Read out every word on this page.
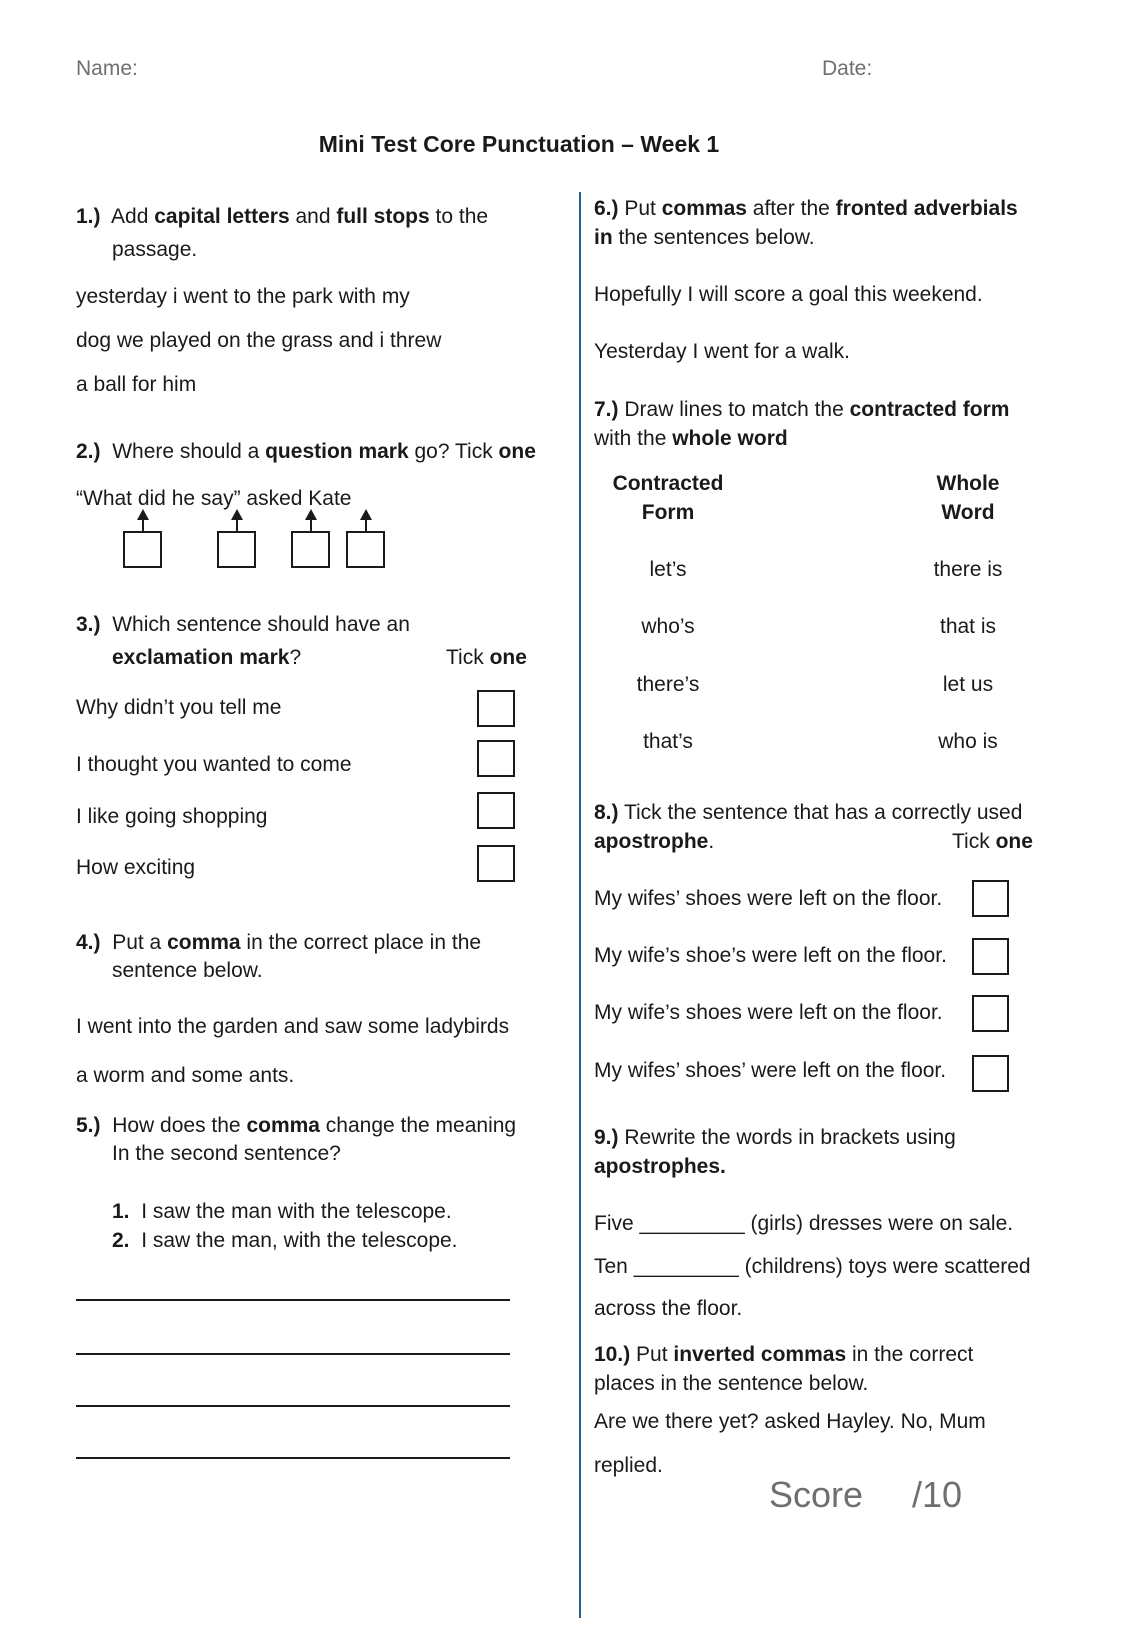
Name:	Date:
Mini Test Core Punctuation – Week 1
1.) Add capital letters and full stops to the
passage.
yesterday i went to the park with my
dog we played on the grass and i threw
a ball for him
2.) Where should a question mark go? Tick one
“What did he say” asked Kate
3.) Which sentence should have an
exclamation mark?	Tick one
Why didn’t you tell me
I thought you wanted to come
I like going shopping
How exciting
4.) Put a comma in the correct place in the
sentence below.
I went into the garden and saw some ladybirds
a worm and some ants.
5.) How does the comma change the meaning
In the second sentence?
1. I saw the man with the telescope.
2. I saw the man, with the telescope.
6.) Put commas after the fronted adverbials
in the sentences below.
Hopefully I will score a goal this weekend.
Yesterday I went for a walk.
7.) Draw lines to match the contracted form
with the whole word
Contracted
Form
Whole
Word
let’s	there is
who’s	that is
there’s	let us
that’s	who is
8.) Tick the sentence that has a correctly used
apostrophe.	Tick one
My wifes’ shoes were left on the floor.
My wife’s shoe’s were left on the floor.
My wife’s shoes were left on the floor.
My wifes’ shoes’ were left on the floor.
9.) Rewrite the words in brackets using
apostrophes.
Five _________ (girls) dresses were on sale.
Ten _________ (childrens) toys were scattered
across the floor.
10.) Put inverted commas in the correct
places in the sentence below.
Are we there yet? asked Hayley. No, Mum
replied.
Score /10
